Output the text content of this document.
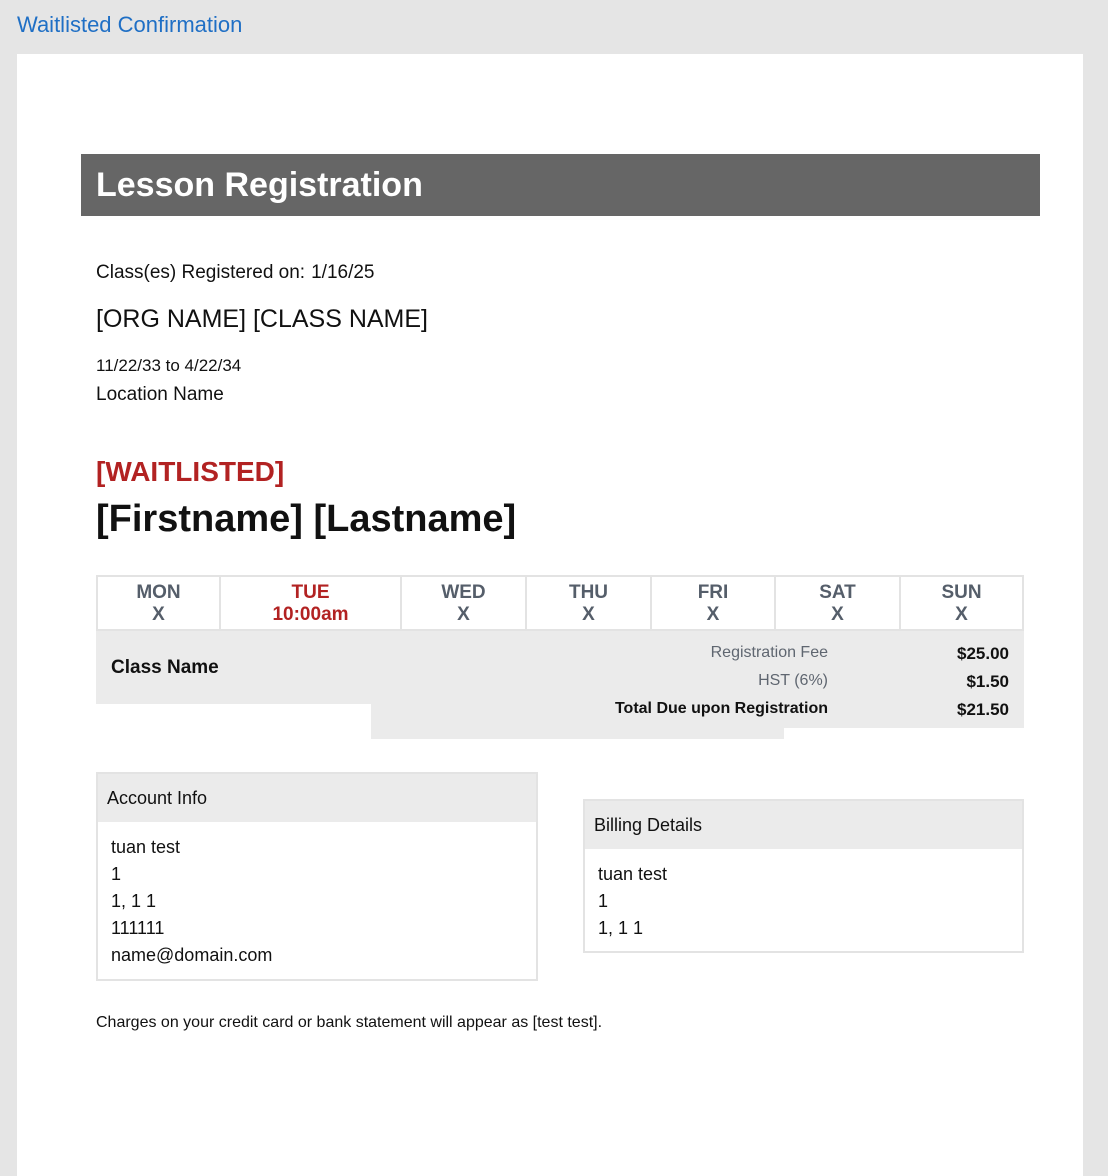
Waitlisted Confirmation
Lesson Registration
Class(es) Registered on: 1/16/25
[ORG NAME] [CLASS NAME]
11/22/33 to 4/22/34
Location Name
[WAITLISTED]
[Firstname] [Lastname]
MON
X
TUE
10:00am
WED
X
THU
X
FRI
X
SAT
X
SUN
X
Class Name
Registration Fee	$25.00
HST (6%)	$1.50
Total Due upon Registration	$21.50
Account Info
tuan test
1
1, 1 1
111111
name@domain.com
Billing Details
tuan test
1
1, 1 1
Charges on your credit card or bank statement will appear as [test test].
